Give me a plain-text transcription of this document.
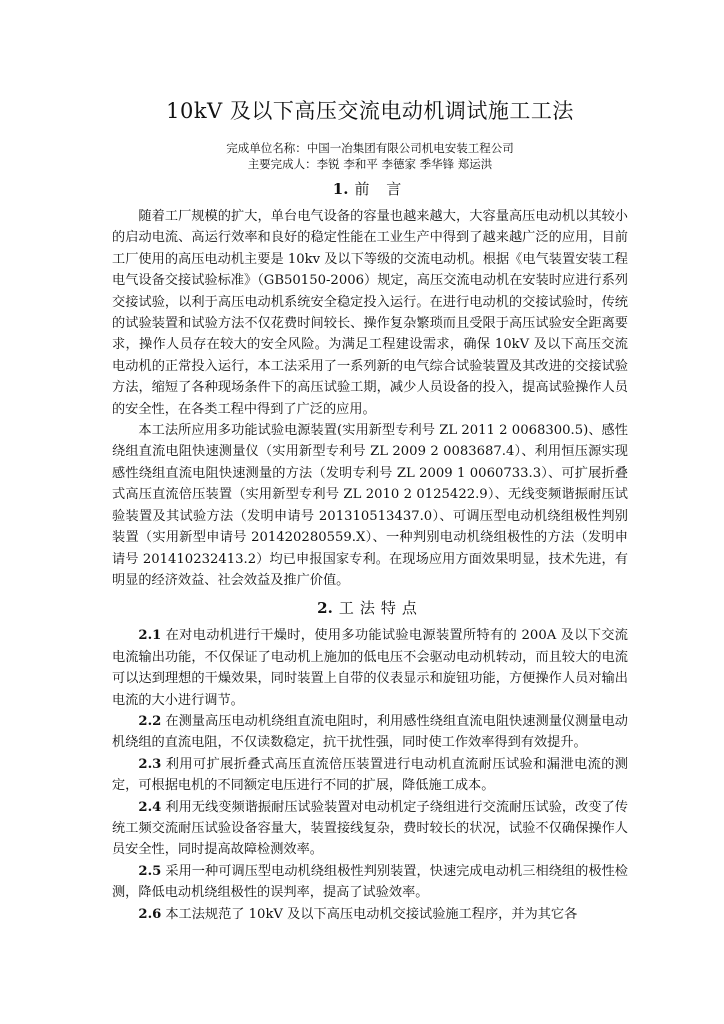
10kV 及以下高压交流电动机调试施工工法

完成单位名称：中国一冶集团有限公司机电安装工程公司

主要完成人：李锐 李和平 李德家 季华锋 郑运洪

1. 前 言

随着工厂规模的扩大，单台电气设备的容量也越来越大，大容量高压电动机以其较小的启动电流、高运行效率和良好的稳定性能在工业生产中得到了越来越广泛的应用，目前工厂使用的高压电动机主要是 10kv 及以下等级的交流电动机。根据《电气装置安装工程电气设备交接试验标准》（GB50150-2006）规定，高压交流电动机在安装时应进行系列交接试验，以利于高压电动机系统安全稳定投入运行。在进行电动机的交接试验时，传统的试验装置和试验方法不仅花费时间较长、操作复杂繁琐而且受限于高压试验安全距离要求，操作人员存在较大的安全风险。为满足工程建设需求，确保 10kV 及以下高压交流电动机的正常投入运行，本工法采用了一系列新的电气综合试验装置及其改进的交接试验方法，缩短了各种现场条件下的高压试验工期，减少人员设备的投入，提高试验操作人员的安全性，在各类工程中得到了广泛的应用。

本工法所应用多功能试验电源装置(实用新型专利号 ZL 2011 2 0068300.5)、感性绕组直流电阻快速测量仪（实用新型专利号 ZL 2009 2 0083687.4）、利用恒压源实现感性绕组直流电阻快速测量的方法（发明专利号 ZL 2009 1 0060733.3）、可扩展折叠式高压直流倍压装置（实用新型专利号 ZL 2010 2 0125422.9）、无线变频谐振耐压试验装置及其试验方法（发明申请号 201310513437.0）、可调压型电动机绕组极性判别装置（实用新型申请号 201420280559.X）、一种判别电动机绕组极性的方法（发明申请号 201410232413.2）均已申报国家专利。在现场应用方面效果明显，技术先进，有明显的经济效益、社会效益及推广价值。

2. 工法特点

2.1 在对电动机进行干燥时，使用多功能试验电源装置所特有的 200A 及以下交流电流输出功能，不仅保证了电动机上施加的低电压不会驱动电动机转动，而且较大的电流可以达到理想的干燥效果，同时装置上自带的仪表显示和旋钮功能，方便操作人员对输出电流的大小进行调节。

2.2 在测量高压电动机绕组直流电阻时，利用感性绕组直流电阻快速测量仪测量电动机绕组的直流电阻，不仅读数稳定，抗干扰性强，同时使工作效率得到有效提升。

2.3 利用可扩展折叠式高压直流倍压装置进行电动机直流耐压试验和漏泄电流的测定，可根据电机的不同额定电压进行不同的扩展，降低施工成本。

2.4 利用无线变频谐振耐压试验装置对电动机定子绕组进行交流耐压试验，改变了传统工频交流耐压试验设备容量大，装置接线复杂，费时较长的状况，试验不仅确保操作人员安全性，同时提高故障检测效率。

2.5 采用一种可调压型电动机绕组极性判别装置，快速完成电动机三相绕组的极性检测，降低电动机绕组极性的误判率，提高了试验效率。

2.6 本工法规范了 10kV 及以下高压电动机交接试验施工程序，并为其它各
